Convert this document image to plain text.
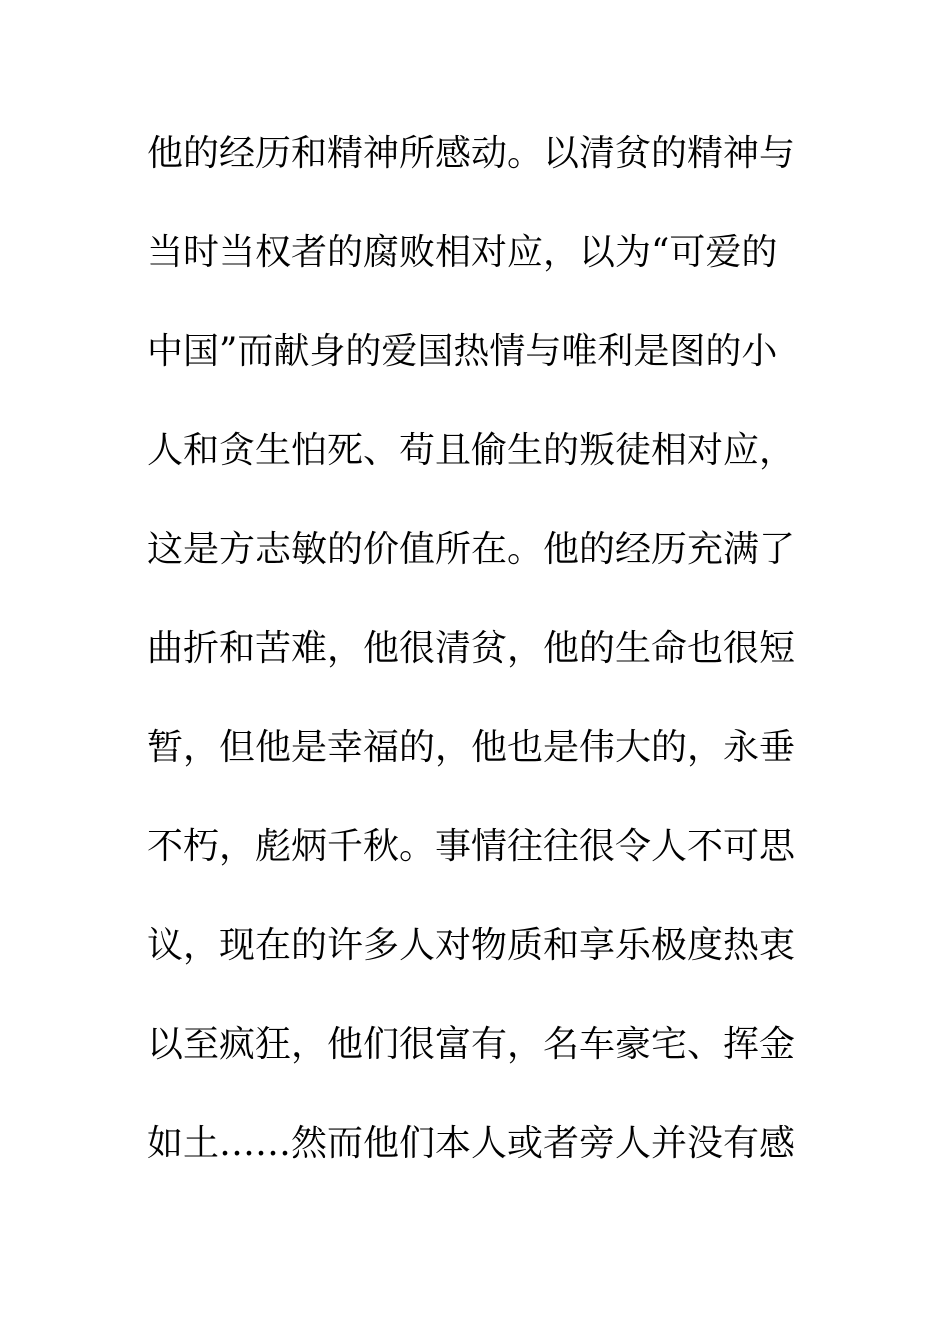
他的经历和精神所感动。以清贫的精神与
当时当权者的腐败相对应，以为“可爱的
中国”而献身的爱国热情与唯利是图的小
人和贪生怕死、苟且偷生的叛徒相对应，
这是方志敏的价值所在。他的经历充满了
曲折和苦难，他很清贫，他的生命也很短
暂，但他是幸福的，他也是伟大的，永垂
不朽，彪炳千秋。事情往往很令人不可思
议，现在的许多人对物质和享乐极度热衷
以至疯狂，他们很富有，名车豪宅、挥金
如土……然而他们本人或者旁人并没有感
